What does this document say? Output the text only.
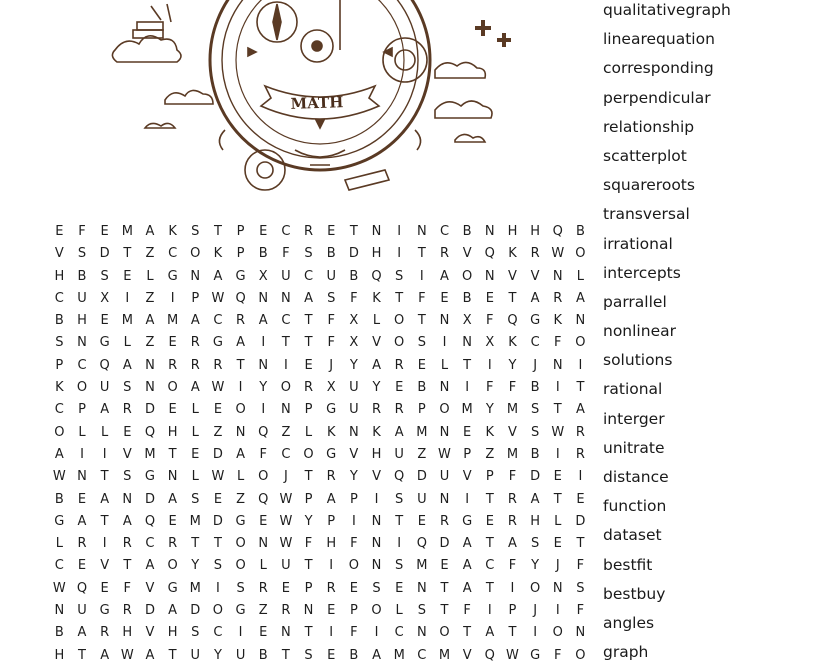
MATH
E	F	E M A	K	S	T	P	E	C	R	E	T	N	I	N	C	B	N H H Q	B
V	S	D	T	Z	C	O	K	P	B	F	S	B	D H	I	T	R	V	Q	K	R W O
H	B	S	E	L	G N	A	G	X	U	C	U	B	Q	S	I	A	O N	V	V	N	L
C	U	X	I	Z	I	P W Q N N	A	S	F	K	T	F	E	B	E	T	A	R	A
B	H	E M A M A	C	R	A	C	T	F	X	L	O	T	N	X	F	Q G	K	N
S	N G	L	Z	E	R	G	A	I	T	T	F	X	V	O	S	I	N	X	K	C	F	O
P	C	Q	A	N	R	R	R	T	N	I	E	J	Y	A	R	E	L	T	I	Y	J	N	I
K	O U	S	N O	A W	I	Y	O	R	X	U	Y	E	B	N	I	F	F	B	I	T
C	P	A	R	D	E	L	E	O	I	N	P	G U	R	R	P	O M	Y	M S	T	A
O	L	L	E	Q H	L	Z	N Q	Z	L	K	N	K	A M N	E	K	V	S W R
A	I	I	V M	T	E	D	A	F	C	O G	V	H	U	Z W P	Z M B	I	R
W N	T	S	G N	L W L	O	J	T	R	Y	V	Q D U	V	P	F	D	E	I
B	E	A	N D	A	S	E	Z	Q W P	A	P	I	S	U	N	I	T	R	A	T	E
G	A	T	A	Q	E M D G	E W Y	P	I	N	T	E	R	G	E	R	H	L	D
L	R	I	R	C	R	T	T	O N W F	H	F	N	I	Q D	A	T	A	S	E	T
C	E	V	T	A	O	Y	S	O	L	U	T	I	O N	S M E	A	C	F	Y	J	F
W Q	E	F	V	G M	I	S	R	E	P	R	E	S	E	N	T	A	T	I	O N	S
N	U G	R	D	A	D O G	Z	R	N	E	P	O	L	S	T	F	I	P	J	I	F
B	A	R	H	V	H	S	C	I	E	N	T	I	F	I	C	N O	T	A	T	I	O N
H	T	A W A	T	U	Y	U	B	T	S	E	B	A M C M V	Q W G	F	O
qualitativegraph
linearequation
corresponding
perpendicular
relationship
scatterplot
squareroots
transversal
irrational
intercepts
parrallel
nonlinear
solutions
rational
interger
unitrate
distance
function
dataset
bestfit
bestbuy
angles
graph
